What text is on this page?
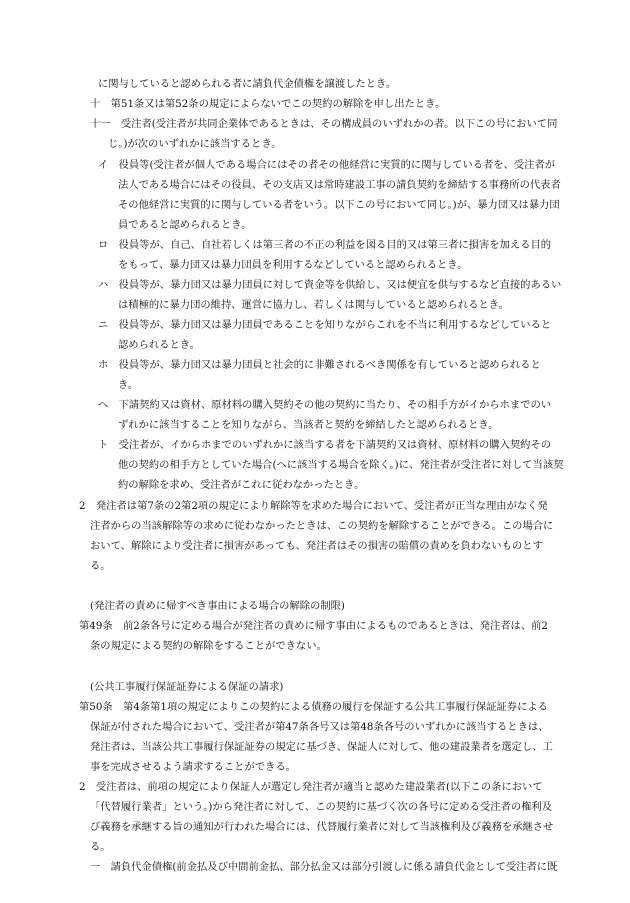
に関与していると認められる者に請負代金債権を譲渡したとき。
十　第51条又は第52条の規定によらないでこの契約の解除を申し出たとき。
十一　受注者(受注者が共同企業体であるときは、その構成員のいずれかの者。以下この号において同
じ。)が次のいずれかに該当するとき。
イ　役員等(受注者が個人である場合にはその者その他経営に実質的に関与している者を、受注者が
法人である場合にはその役員、その支店又は常時建設工事の請負契約を締結する事務所の代表者
その他経営に実質的に関与している者をいう。以下この号において同じ。)が、暴力団又は暴力団
員であると認められるとき。
ロ　役員等が、自己、自社若しくは第三者の不正の利益を図る目的又は第三者に損害を加える目的
をもって、暴力団又は暴力団員を利用するなどしていると認められるとき。
ハ　役員等が、暴力団又は暴力団員に対して資金等を供給し、又は便宜を供与するなど直接的あるい
は積極的に暴力団の維持、運営に協力し、若しくは関与していると認められるとき。
ニ　役員等が、暴力団又は暴力団員であることを知りながらこれを不当に利用するなどしていると
認められるとき。
ホ　役員等が、暴力団又は暴力団員と社会的に非難されるべき関係を有していると認められると
き。
ヘ　下請契約又は資材、原材料の購入契約その他の契約に当たり、その相手方がイからホまでのい
ずれかに該当することを知りながら、当該者と契約を締結したと認められるとき。
ト　受注者が、イからホまでのいずれかに該当する者を下請契約又は資材、原材料の購入契約その
他の契約の相手方としていた場合(ヘに該当する場合を除く。)に、発注者が受注者に対して当該契
約の解除を求め、受注者がこれに従わなかったとき。
2　発注者は第7条の2第2項の規定により解除等を求めた場合において、受注者が正当な理由がなく発
注者からの当該解除等の求めに従わなかったときは、この契約を解除することができる。この場合に
おいて、解除により受注者に損害があっても、発注者はその損害の賠償の責めを負わないものとす
る。
(発注者の責めに帰すべき事由による場合の解除の制限)
第49条　前2条各号に定める場合が発注者の責めに帰す事由によるものであるときは、発注者は、前2
条の規定による契約の解除をすることができない。
(公共工事履行保証証券による保証の請求)
第50条　第4条第1項の規定によりこの契約による債務の履行を保証する公共工事履行保証証券による
保証が付された場合において、受注者が第47条各号又は第48条各号のいずれかに該当するときは、
発注者は、当該公共工事履行保証証券の規定に基づき、保証人に対して、他の建設業者を選定し、工
事を完成させるよう請求することができる。
2　受注者は、前項の規定により保証人が選定し発注者が適当と認めた建設業者(以下この条において
「代替履行業者」という。)から発注者に対して、この契約に基づく次の各号に定める受注者の権利及
び義務を承継する旨の通知が行われた場合には、代替履行業者に対して当該権利及び義務を承継させ
る。
一　請負代金債権(前金払及び中間前金払、部分払金又は部分引渡しに係る請負代金として受注者に既
